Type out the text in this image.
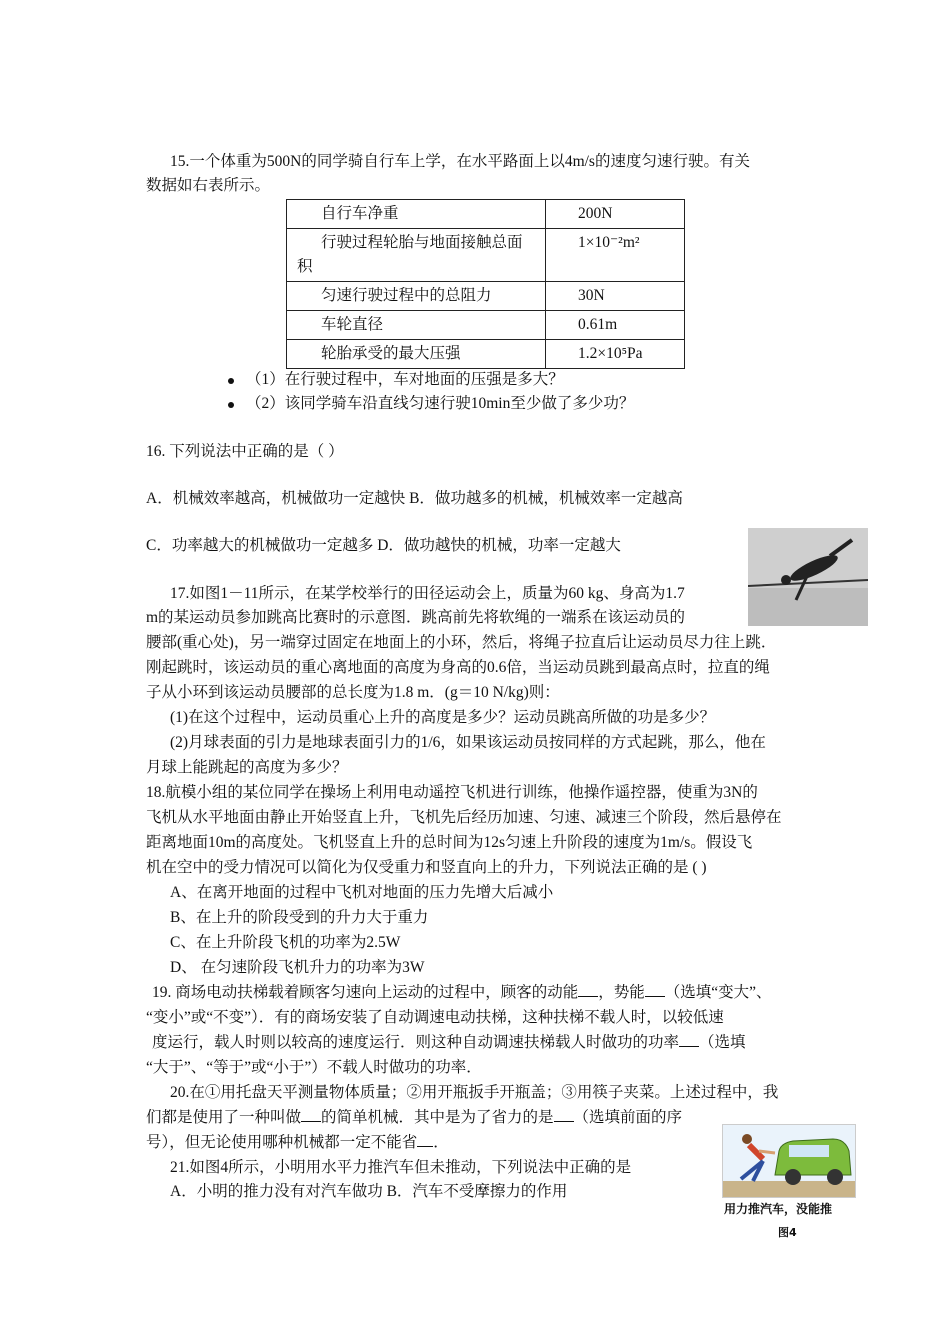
15.一个体重为500N的同学骑自行车上学，在水平路面上以4m/s的速度匀速行驶。有关
数据如右表所示。
自行车净重	200N

行驶过程轮胎与地面接触总面积	1×10⁻²m²

匀速行驶过程中的总阻力	30N

车轮直径	0.61m

轮胎承受的最大压强	1.2×10⁵Pa
（1）在行驶过程中，车对地面的压强是多大？
（2）该同学骑车沿直线匀速行驶10min至少做了多少功？
16. 下列说法中正确的是（ ）
A．机械效率越高，机械做功一定越快 B．做功越多的机械，机械效率一定越高
C．功率越大的机械做功一定越多 D．做功越快的机械，功率一定越大
17.如图1－11所示，在某学校举行的田径运动会上，质量为60 kg、身高为1.7
m的某运动员参加跳高比赛时的示意图．跳高前先将软绳的一端系在该运动员的
腰部(重心处)，另一端穿过固定在地面上的小环，然后，将绳子拉直后让运动员尽力往上跳．
刚起跳时，该运动员的重心离地面的高度为身高的0.6倍，当运动员跳到最高点时，拉直的绳
子从小环到该运动员腰部的总长度为1.8 m．(g＝10 N/kg)则：
(1)在这个过程中，运动员重心上升的高度是多少？运动员跳高所做的功是多少？
(2)月球表面的引力是地球表面引力的1/6，如果该运动员按同样的方式起跳，那么，他在
月球上能跳起的高度为多少？
18.航模小组的某位同学在操场上利用电动遥控飞机进行训练，他操作遥控器，使重为3N的
飞机从水平地面由静止开始竖直上升，飞机先后经历加速、匀速、减速三个阶段，然后悬停在
距离地面10m的高度处。飞机竖直上升的总时间为12s匀速上升阶段的速度为1m/s。假设飞
机在空中的受力情况可以简化为仅受重力和竖直向上的升力，下列说法正确的是 ( )
A、在离开地面的过程中飞机对地面的压力先增大后减小
B、在上升的阶段受到的升力大于重力
C、在上升阶段飞机的功率为2.5W
D、 在匀速阶段飞机升力的功率为3W
19. 商场电动扶梯载着顾客匀速向上运动的过程中，顾客的动能 ，势能 （选填“变大”、
“变小”或“不变”）．有的商场安装了自动调速电动扶梯，这种扶梯不载人时，以较低速
度运行，载人时则以较高的速度运行．则这种自动调速扶梯载人时做功的功率 （选填
“大于”、“等于”或“小于”）不载人时做功的功率．
20.在①用托盘天平测量物体质量；②用开瓶扳手开瓶盖；③用筷子夹菜。上述过程中，我
们都是使用了一种叫做 的简单机械．其中是为了省力的是 （选填前面的序
号），但无论使用哪种机械都一定不能省 ．
21.如图4所示，小明用水平力推汽车但未推动，下列说法中正确的是
A．小明的推力没有对汽车做功 B．汽车不受摩擦力的作用
用力推汽车，没能推
图4
